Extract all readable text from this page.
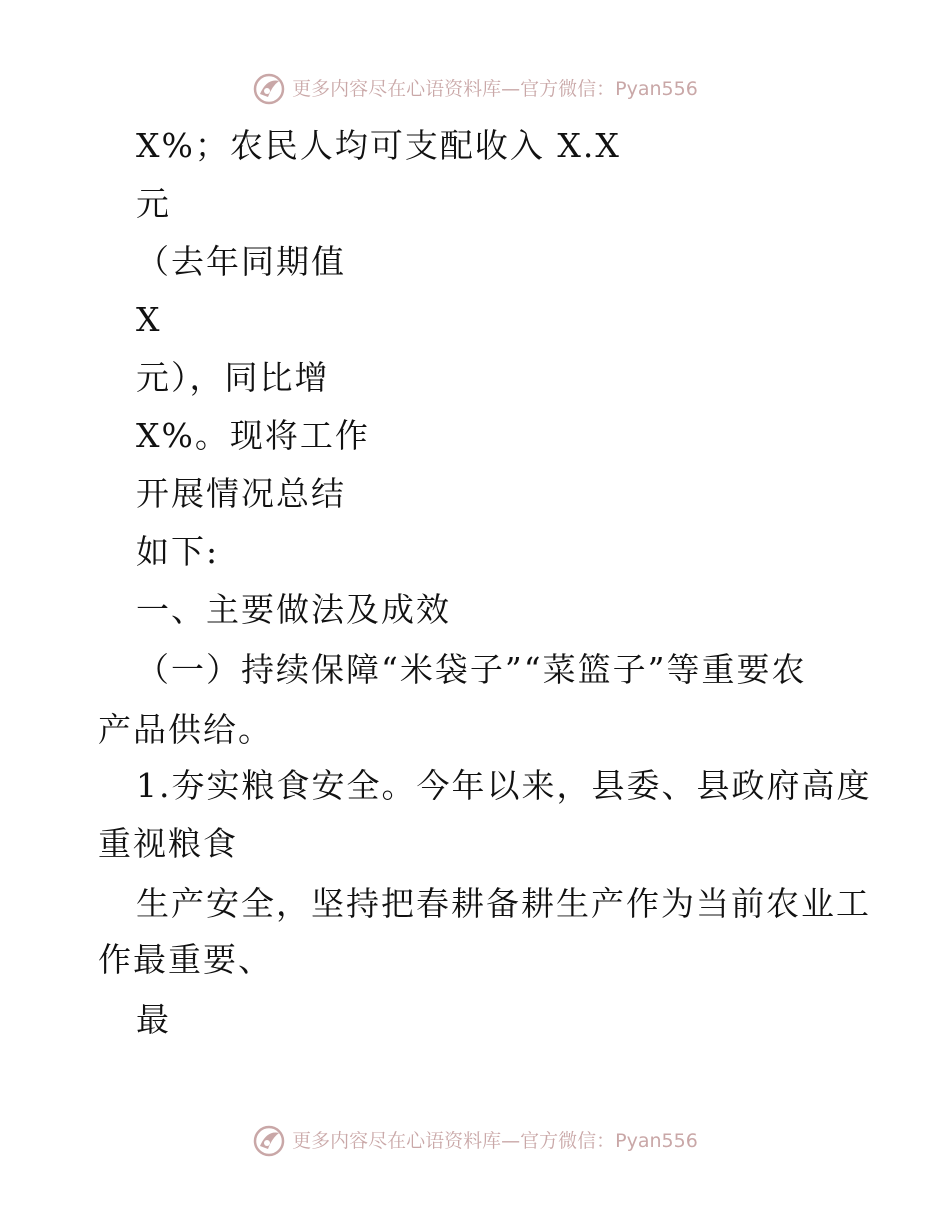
更多内容尽在心语资料库—官方微信：Pyan556
X%；农民人均可支配收入 X.X
元
（去年同期值
X
元），同比增
X%。现将工作
开展情况总结
如下:
一、主要做法及成效
（一）持续保障“米袋子”“菜篮子”等重要农
产品供给。
1.夯实粮食安全。今年以来，县委、县政府高度
重视粮食
生产安全，坚持把春耕备耕生产作为当前农业工
作最重要、
最
更多内容尽在心语资料库—官方微信：Pyan556
